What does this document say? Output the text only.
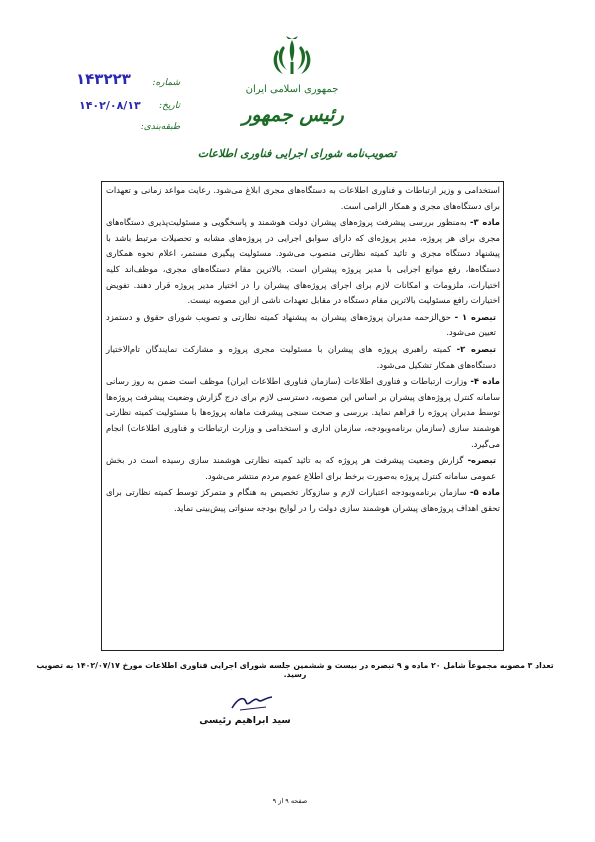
جمهوری اسلامی ایران
رئیس جمهور
تصویب‌نامه شورای اجرایی فناوری اطلاعات
شماره:
۱۴۳۲۲۳
تاریخ:
۱۴۰۲/۰۸/۱۳
طبقه‌بندی:

استخدامی و وزیر ارتباطات و فناوری اطلاعات به دستگاه‌های مجری ابلاغ می‌شود. رعایت مواعد زمانی و تعهدات برای دستگاه‌های مجری و همکار الزامی است.

ماده ۳- به‌منظور بررسی پیشرفت پروژه‌های پیشران دولت هوشمند و پاسخگویی و مسئولیت‌پذیری دستگاه‌های مجری برای هر پروژه، مدیر پروژه‌ای که دارای سوابق اجرایی در پروژه‌های مشابه و تحصیلات مرتبط باشد با پیشنهاد دستگاه مجری و تائید کمیته نظارتی منصوب می‌شود. مسئولیت پیگیری مستمر، اعلام نحوه همکاری دستگاه‌ها، رفع موانع اجرایی با مدیر پروژه پیشران است. بالاترین مقام دستگاه‌های مجری، موظف‌اند کلیه اختیارات، ملزومات و امکانات لازم برای اجرای پروژه‌های پیشران را در اختیار مدیر پروژه قرار دهند. تفویض اختیارات رافع مسئولیت بالاترین مقام دستگاه در مقابل تعهدات ناشی از این مصوبه نیست.

تبصره ۱ - حق‌الزحمه مدیران پروژه‌های پیشران به پیشنهاد کمیته نظارتی و تصویب شورای حقوق و دستمزد تعیین می‌شود.

تبصره ۲- کمیته راهبری پروژه های پیشران با مسئولیت مجری پروژه و مشارکت نمایندگان تام‌الاختیار دستگاه‌های همکار تشکیل می‌شود.

ماده ۴- وزارت ارتباطات و فناوری اطلاعات (سازمان فناوری اطلاعات ایران) موظف است ضمن به روز رسانی سامانه کنترل پروژه‌های پیشران بر اساس این مصوبه، دسترسی لازم برای درج گزارش وضعیت پیشرفت پروژه‌ها توسط مدیران پروژه را فراهم نماید. بررسی و صحت سنجی پیشرفت ماهانه پروژه‌ها با مسئولیت کمیته نظارتی هوشمند سازی (سازمان برنامه‌وبودجه، سازمان اداری و استخدامی و وزارت ارتباطات و فناوری اطلاعات) انجام می‌گیرد.

تبصره- گزارش وضعیت پیشرفت هر پروژه که به تائید کمیته نظارتی هوشمند سازی رسیده است در بخش عمومی سامانه کنترل پروژه به‌صورت برخط برای اطلاع عموم مردم منتشر می‌شود.

ماده ۵- سازمان برنامه‌وبودجه اعتبارات لازم و سازوکار تخصیص به هنگام و متمرکز توسط کمیته نظارتی برای تحقق اهداف پروژه‌های پیشران هوشمند سازی دولت را در لوایح بودجه سنواتی پیش‌بینی نماید.

تعداد ۳ مصوبه مجموعاً شامل ۲۰ ماده و ۹ تبصره در بیست و ششمین جلسه شورای اجرایی فناوری اطلاعات مورخ ۱۴۰۲/۰۷/۱۷ به تصویب رسید.
سید ابراهیم رئیسی
صفحه ۹ از ۹
